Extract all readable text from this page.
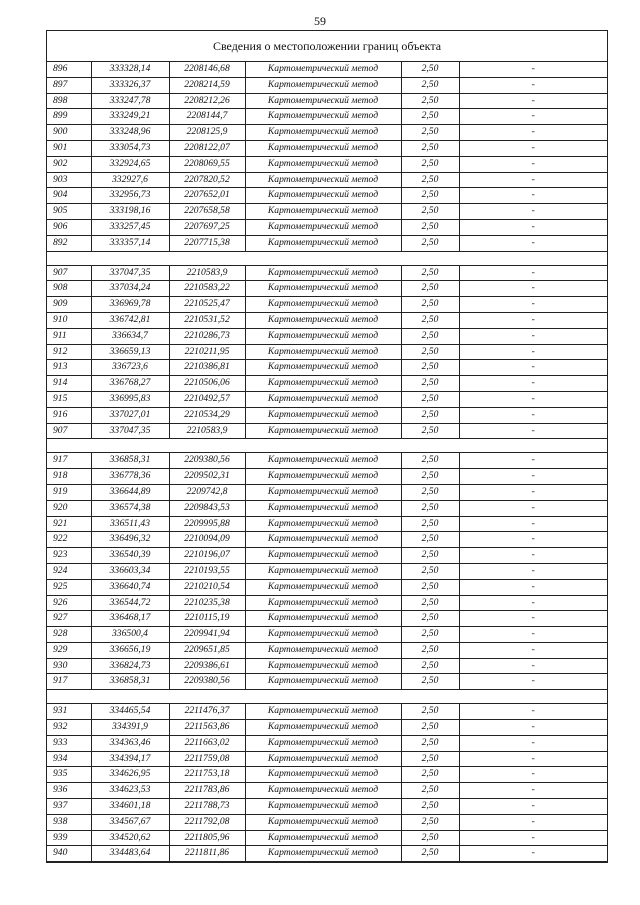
59
Сведения о местоположении границ объекта
896	333328,14	2208146,68	Картометрический метод	2,50	-
897	333326,37	2208214,59	Картометрический метод	2,50	-
898	333247,78	2208212,26	Картометрический метод	2,50	-
899	333249,21	2208144,7	Картометрический метод	2,50	-
900	333248,96	2208125,9	Картометрический метод	2,50	-
901	333054,73	2208122,07	Картометрический метод	2,50	-
902	332924,65	2208069,55	Картометрический метод	2,50	-
903	332927,6	2207820,52	Картометрический метод	2,50	-
904	332956,73	2207652,01	Картометрический метод	2,50	-
905	333198,16	2207658,58	Картометрический метод	2,50	-
906	333257,45	2207697,25	Картометрический метод	2,50	-
892	333357,14	2207715,38	Картометрический метод	2,50	-

907	337047,35	2210583,9	Картометрический метод	2,50	-
908	337034,24	2210583,22	Картометрический метод	2,50	-
909	336969,78	2210525,47	Картометрический метод	2,50	-
910	336742,81	2210531,52	Картометрический метод	2,50	-
911	336634,7	2210286,73	Картометрический метод	2,50	-
912	336659,13	2210211,95	Картометрический метод	2,50	-
913	336723,6	2210386,81	Картометрический метод	2,50	-
914	336768,27	2210506,06	Картометрический метод	2,50	-
915	336995,83	2210492,57	Картометрический метод	2,50	-
916	337027,01	2210534,29	Картометрический метод	2,50	-
907	337047,35	2210583,9	Картометрический метод	2,50	-

917	336858,31	2209380,56	Картометрический метод	2,50	-
918	336778,36	2209502,31	Картометрический метод	2,50	-
919	336644,89	2209742,8	Картометрический метод	2,50	-
920	336574,38	2209843,53	Картометрический метод	2,50	-
921	336511,43	2209995,88	Картометрический метод	2,50	-
922	336496,32	2210094,09	Картометрический метод	2,50	-
923	336540,39	2210196,07	Картометрический метод	2,50	-
924	336603,34	2210193,55	Картометрический метод	2,50	-
925	336640,74	2210210,54	Картометрический метод	2,50	-
926	336544,72	2210235,38	Картометрический метод	2,50	-
927	336468,17	2210115,19	Картометрический метод	2,50	-
928	336500,4	2209941,94	Картометрический метод	2,50	-
929	336656,19	2209651,85	Картометрический метод	2,50	-
930	336824,73	2209386,61	Картометрический метод	2,50	-
917	336858,31	2209380,56	Картометрический метод	2,50	-

931	334465,54	2211476,37	Картометрический метод	2,50	-
932	334391,9	2211563,86	Картометрический метод	2,50	-
933	334363,46	2211663,02	Картометрический метод	2,50	-
934	334394,17	2211759,08	Картометрический метод	2,50	-
935	334626,95	2211753,18	Картометрический метод	2,50	-
936	334623,53	2211783,86	Картометрический метод	2,50	-
937	334601,18	2211788,73	Картометрический метод	2,50	-
938	334567,67	2211792,08	Картометрический метод	2,50	-
939	334520,62	2211805,96	Картометрический метод	2,50	-
940	334483,64	2211811,86	Картометрический метод	2,50	-
